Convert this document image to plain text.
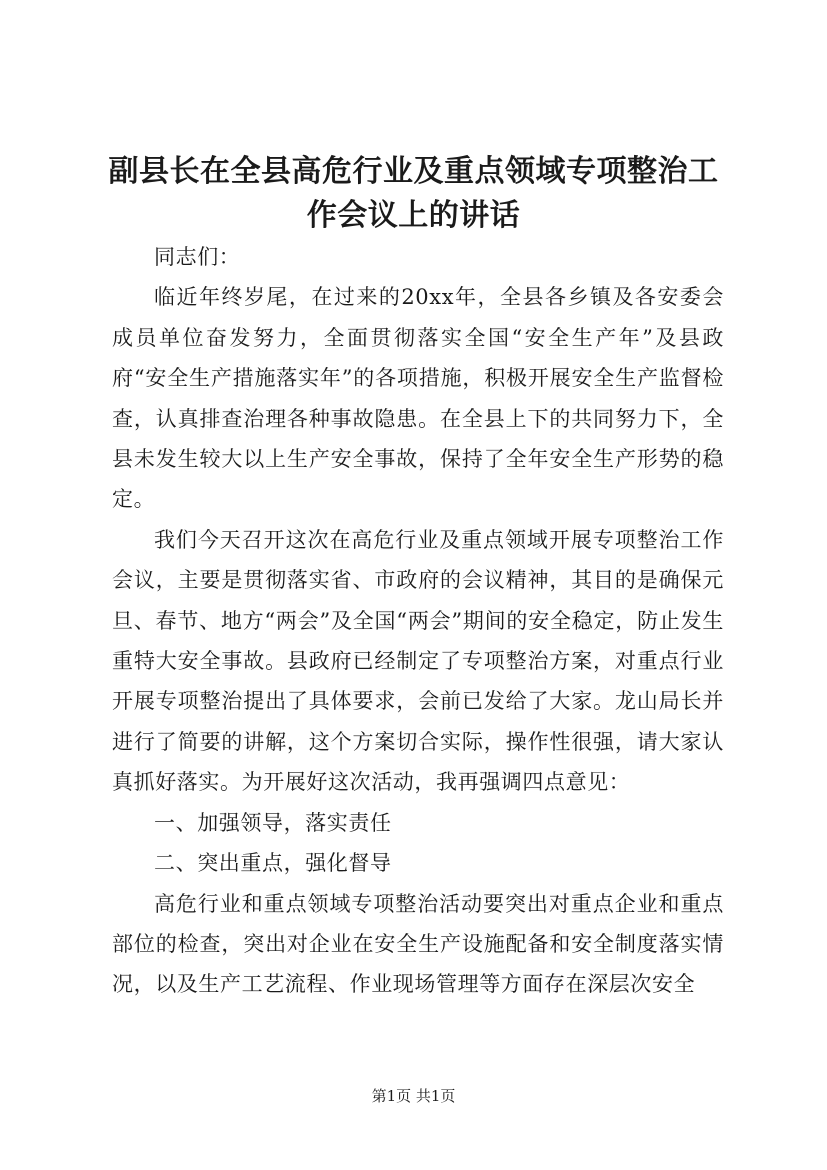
副县长在全县高危行业及重点领域专项整治工作会议上的讲话

同志们：

临近年终岁尾，在过来的20xx年，全县各乡镇及各安委会成员单位奋发努力，全面贯彻落实全国“安全生产年”及县政府“安全生产措施落实年”的各项措施，积极开展安全生产监督检查，认真排查治理各种事故隐患。在全县上下的共同努力下，全县未发生较大以上生产安全事故，保持了全年安全生产形势的稳定。

我们今天召开这次在高危行业及重点领域开展专项整治工作会议，主要是贯彻落实省、市政府的会议精神，其目的是确保元旦、春节、地方“两会”及全国“两会”期间的安全稳定，防止发生重特大安全事故。县政府已经制定了专项整治方案，对重点行业开展专项整治提出了具体要求，会前已发给了大家。龙山局长并进行了简要的讲解，这个方案切合实际，操作性很强，请大家认真抓好落实。为开展好这次活动，我再强调四点意见：

一、加强领导，落实责任

二、突出重点，强化督导

高危行业和重点领域专项整治活动要突出对重点企业和重点部位的检查，突出对企业在安全生产设施配备和安全制度落实情况，以及生产工艺流程、作业现场管理等方面存在深层次安全

第1页 共1页
